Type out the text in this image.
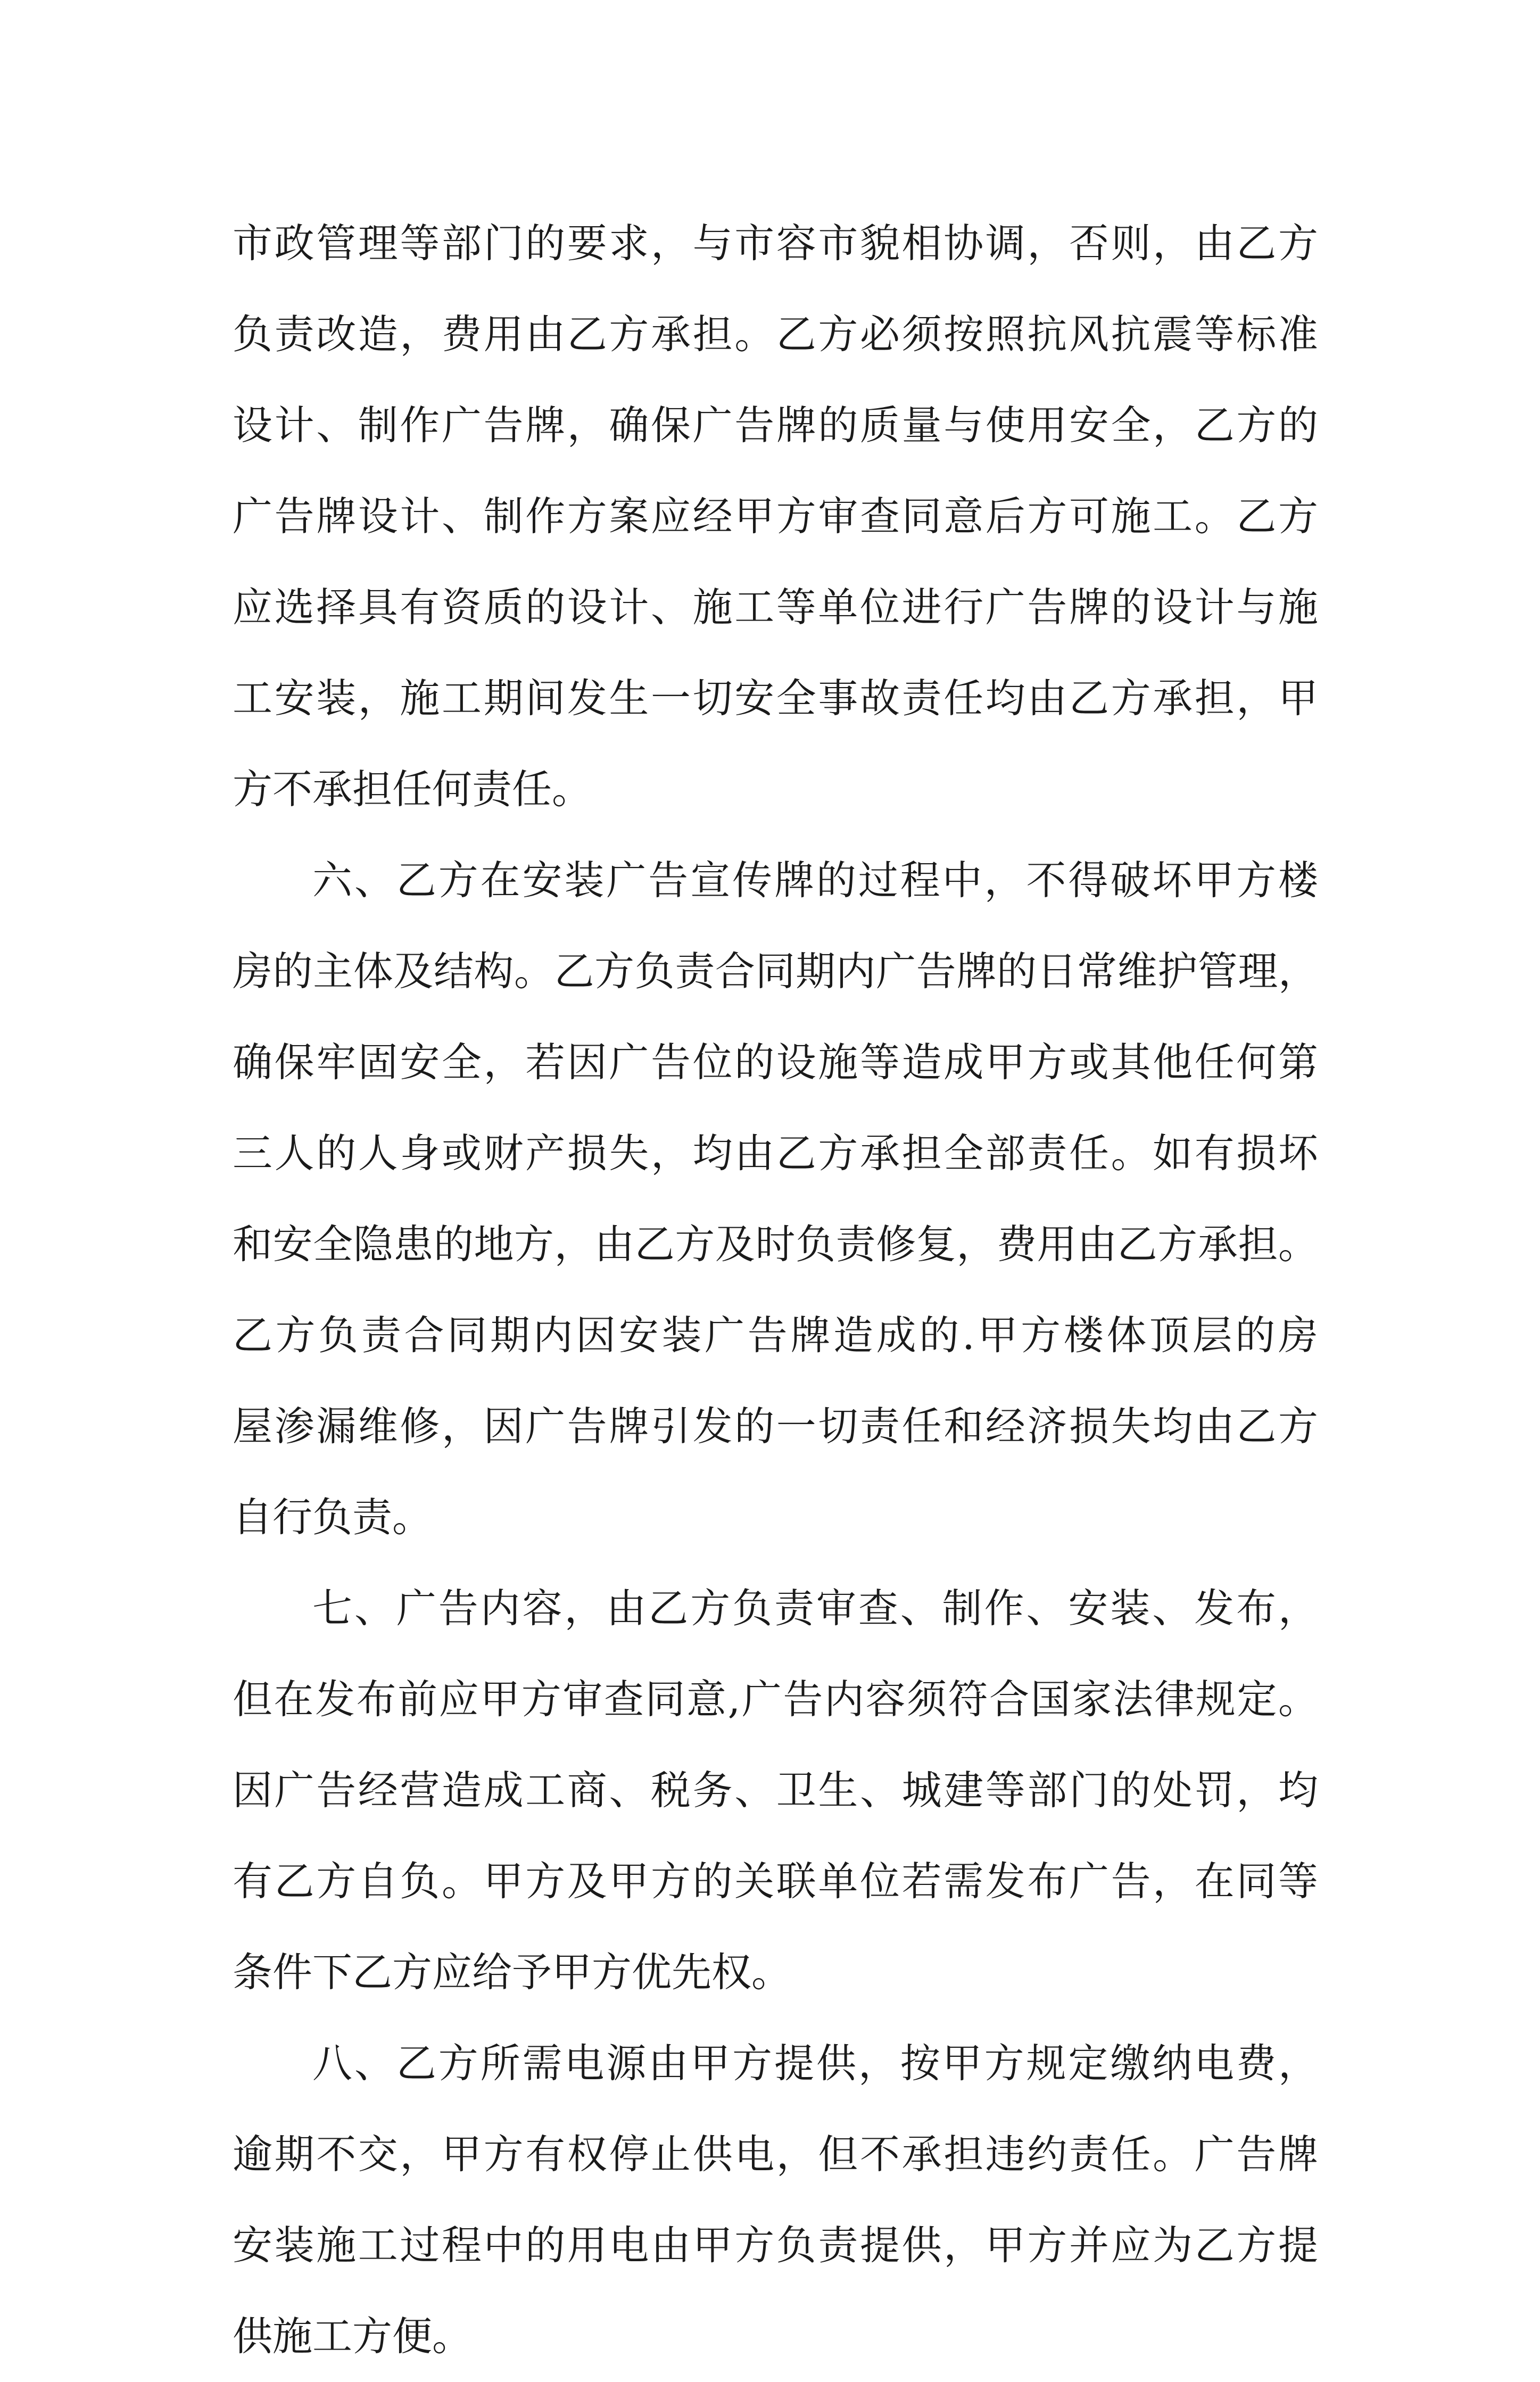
市政管理等部门的要求，与市容市貌相协调，否则，由乙方
负责改造，费用由乙方承担。乙方必须按照抗风抗震等标准
设计、制作广告牌，确保广告牌的质量与使用安全，乙方的
广告牌设计、制作方案应经甲方审查同意后方可施工。乙方
应选择具有资质的设计、施工等单位进行广告牌的设计与施
工安装，施工期间发生一切安全事故责任均由乙方承担，甲
方不承担任何责任。
六、乙方在安装广告宣传牌的过程中，不得破坏甲方楼
房的主体及结构。乙方负责合同期内广告牌的日常维护管理，
确保牢固安全，若因广告位的设施等造成甲方或其他任何第
三人的人身或财产损失，均由乙方承担全部责任。如有损坏
和安全隐患的地方，由乙方及时负责修复，费用由乙方承担。
乙方负责合同期内因安装广告牌造成的.甲方楼体顶层的房
屋渗漏维修，因广告牌引发的一切责任和经济损失均由乙方
自行负责。
七、广告内容，由乙方负责审查、制作、安装、发布，
但在发布前应甲方审查同意,广告内容须符合国家法律规定。
因广告经营造成工商、税务、卫生、城建等部门的处罚，均
有乙方自负。甲方及甲方的关联单位若需发布广告，在同等
条件下乙方应给予甲方优先权。
八、乙方所需电源由甲方提供，按甲方规定缴纳电费，
逾期不交，甲方有权停止供电，但不承担违约责任。广告牌
安装施工过程中的用电由甲方负责提供，甲方并应为乙方提
供施工方便。
